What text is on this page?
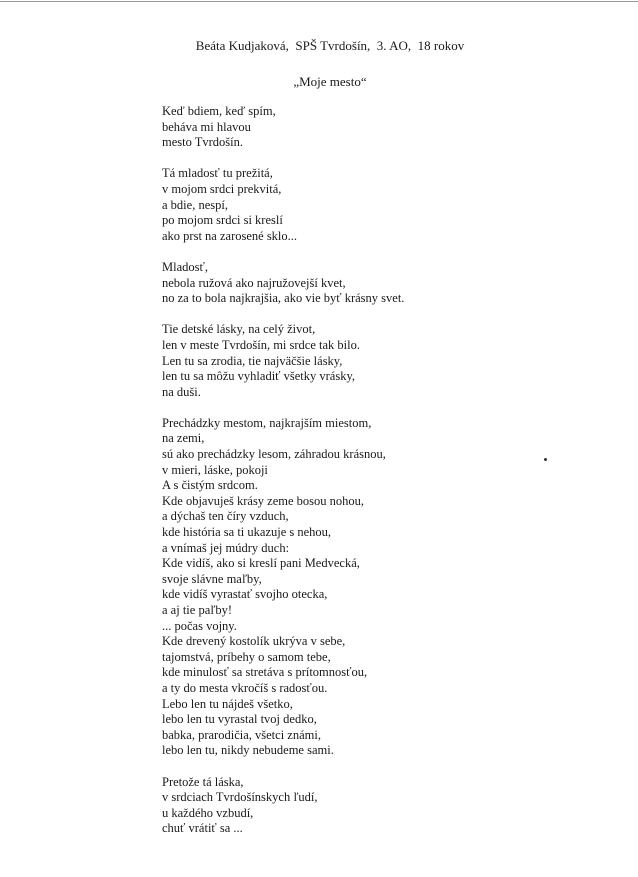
Beáta Kudjaková,  SPŠ Tvrdošín,  3. AO,  18 rokov
„Moje mesto“
Keď bdiem, keď spím,
beháva mi hlavou
mesto Tvrdošín.
Tá mladosť tu prežitá,
v mojom srdci prekvitá,
a bdie, nespí,
po mojom srdci si kreslí
ako prst na zarosené sklo...
Mladosť,
nebola ružová ako najružovejší kvet,
no za to bola najkrajšia, ako vie byť krásny svet.
Tie detské lásky, na celý život,
len v meste Tvrdošín, mi srdce tak bilo.
Len tu sa zrodia, tie najväčšie lásky,
len tu sa môžu vyhladiť všetky vrásky,
na duši.
Prechádzky mestom, najkrajším miestom,
na zemi,
sú ako prechádzky lesom, záhradou krásnou,
v mieri, láske, pokoji
A s čistým srdcom.
Kde objavuješ krásy zeme bosou nohou,
a dýchaš ten číry vzduch,
kde história sa ti ukazuje s nehou,
a vnímaš jej múdry duch:
Kde vidíš, ako si kreslí pani Medvecká,
svoje slávne maľby,
kde vidíš vyrastať svojho otecka,
a aj tie paľby!
... počas vojny.
Kde drevený kostolík ukrýva v sebe,
tajomstvá, príbehy o samom tebe,
kde minulosť sa stretáva s prítomnosťou,
a ty do mesta vkročíš s radosťou.
Lebo len tu nájdeš všetko,
lebo len tu vyrastal tvoj dedko,
babka, prarodičia, všetci známi,
lebo len tu, nikdy nebudeme sami.
Pretože tá láska,
v srdciach Tvrdošínskych ľudí,
u každého vzbudí,
chuť vrátiť sa ...
